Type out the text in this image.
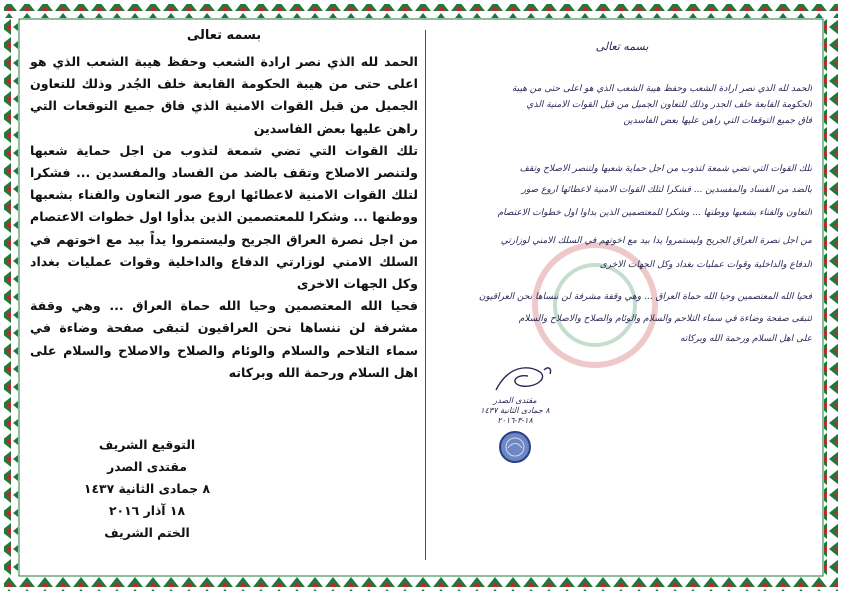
بسمه تعالى

الحمد لله الذي نصر ارادة الشعب وحفظ هيبة الشعب الذي هو اعلى حتى من هيبة الحكومة القابعة خلف الجُدر وذلك للتعاون الجميل من قبل القوات الامنية الذي فاق جميع التوقعات التي راهن عليها بعض الفاسدين

تلك القوات التي تضي شمعة لتذوب من اجل حماية شعبها ولتنصر الاصلاح وتقف بالضد من الفساد والمفسدين ... فشكرا لتلك القوات الامنية لاعطائها اروع صور التعاون والفناء بشعبها ووطنها ... وشكرا للمعتصمين الذين بدأوا اول خطوات الاعتصام من اجل نصرة العراق الجريح وليستمروا يداً بيد مع اخوتهم في السلك الامني لوزارتي الدفاع والداخلية وقوات عمليات بغداد وكل الجهات الاخرى

فحيا الله المعتصمين وحيا الله حماة العراق ... وهي وقفة مشرفة لن ننساها نحن العراقيون لتبقى صفحة وضاءة في سماء التلاحم والسلام والوئام والصلاح والاصلاح والسلام على اهل السلام ورحمة الله وبركاته

التوقيع الشريف
مقتدى الصدر
٨ جمادى الثانية ١٤٣٧
١٨ آذار ٢٠١٦
الختم الشريف
بسمه تعالى
الحمد لله الذي نصر ارادة الشعب وحفظ هيبة الشعب الذي هو اعلى حتى من هيبة
الحكومة القابعة خلف الجدر وذلك للتعاون الجميل من قبل القوات الامنية الذي
فاق جميع التوقعات التي راهن عليها بعض الفاسدين
تلك القوات التي تضي شمعة لتذوب من اجل حماية شعبها ولتنصر الاصلاح وتقف
بالضد من الفساد والمفسدين ... فشكرا لتلك القوات الامنية لاعطائها اروع صور
التعاون والفناء بشعبها ووطنها ... وشكرا للمعتصمين الذين بدأوا اول خطوات الاعتصام
من اجل نصرة العراق الجريح وليستمروا يداً بيد مع اخوتهم في السلك الامني لوزارتي
الدفاع والداخلية وقوات عمليات بغداد وكل الجهات الاخرى
فحيا الله المعتصمين وحيا الله حماة العراق ... وهي وقفة مشرفة لن ننساها نحن العراقيون
لتبقى صفحة وضاءة في سماء التلاحم والسلام والوئام والصلاح والاصلاح والسلام
على اهل السلام ورحمة الله وبركاته
مقتدى الصدر
٨ جمادى الثانية ١٤٣٧
١٨-٣-٢٠١٦
